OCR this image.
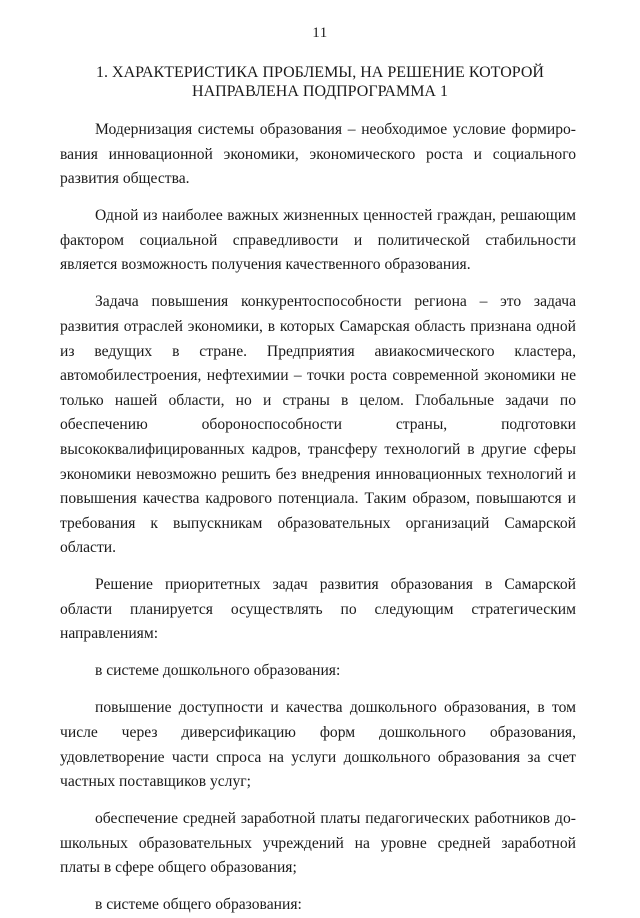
11
1. ХАРАКТЕРИСТИКА ПРОБЛЕМЫ, НА РЕШЕНИЕ КОТОРОЙ
НАПРАВЛЕНА ПОДПРОГРАММА 1

Модернизация системы образования – необходимое условие формирования инновационной экономики, экономического роста и социального развития общества.

Одной из наиболее важных жизненных ценностей граждан, решающим фактором социальной справедливости и политической стабильности является возможность получения качественного образования.

Задача повышения конкурентоспособности региона – это задача развития отраслей экономики, в которых Самарская область признана одной из ведущих в стране. Предприятия авиакосмического кластера, автомобилестроения, нефтехимии – точки роста современной экономики не только нашей области, но и страны в целом. Глобальные задачи по обеспечению обороноспособности страны, подготовки высококвалифицированных кадров, трансферу технологий в другие сферы экономики невозможно решить без внедрения инновационных технологий и повышения качества кадрового потенциала. Таким образом, повышаются и требования к выпускникам образовательных организаций Самарской области.

Решение приоритетных задач развития образования в Самарской области планируется осуществлять по следующим стратегическим направлениям:

в системе дошкольного образования:

повышение доступности и качества дошкольного образования, в том числе через диверсификацию форм дошкольного образования, удовлетворение части спроса на услуги дошкольного образования за счет частных поставщиков услуг;

обеспечение средней заработной платы педагогических работников дошкольных образовательных учреждений на уровне средней заработной платы в сфере общего образования;

в системе общего образования:
